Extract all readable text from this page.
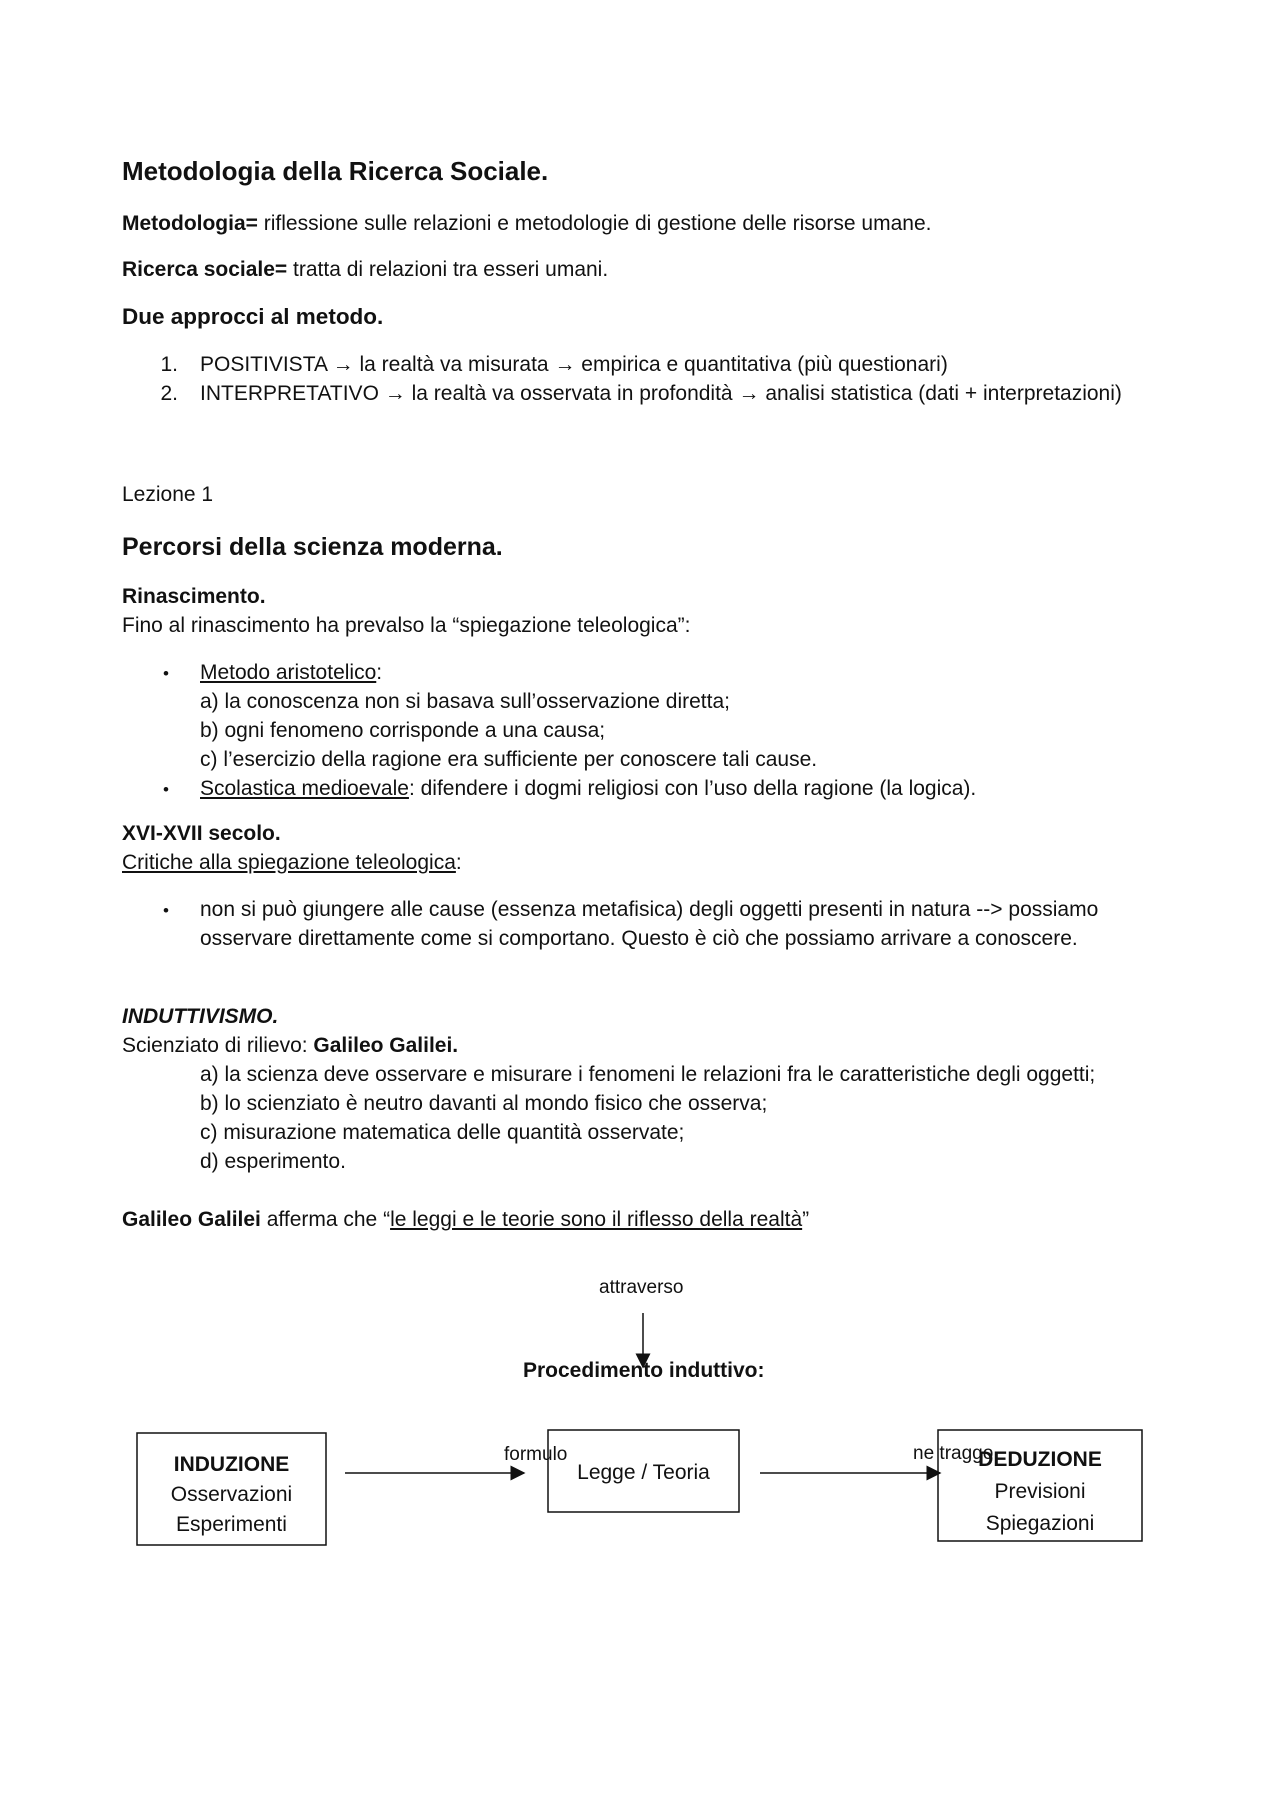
Metodologia della Ricerca Sociale.
Metodologia= riflessione sulle relazioni e metodologie di gestione delle risorse umane.
Ricerca sociale= tratta di relazioni tra esseri umani.
Due approcci al metodo.
1. POSITIVISTA → la realtà va misurata → empirica e quantitativa (più questionari)
2. INTERPRETATIVO → la realtà va osservata in profondità → analisi statistica (dati + interpretazioni)
Lezione 1
Percorsi della scienza moderna.
Rinascimento.
Fino al rinascimento ha prevalso la “spiegazione teleologica”:
• Metodo aristotelico:
a) la conoscenza non si basava sull’osservazione diretta;
b) ogni fenomeno corrisponde a una causa;
c) l’esercizio della ragione era sufficiente per conoscere tali cause.
• Scolastica medioevale: difendere i dogmi religiosi con l’uso della ragione (la logica).
XVI-XVII secolo.
Critiche alla spiegazione teleologica:
• non si può giungere alle cause (essenza metafisica) degli oggetti presenti in natura --> possiamo
osservare direttamente come si comportano. Questo è ciò che possiamo arrivare a conoscere.
INDUTTIVISMO.
Scienziato di rilievo: Galileo Galilei.
a) la scienza deve osservare e misurare i fenomeni le relazioni fra le caratteristiche degli oggetti;
b) lo scienziato è neutro davanti al mondo fisico che osserva;
c) misurazione matematica delle quantità osservate;
d) esperimento.
Galileo Galilei afferma che “le leggi e le teorie sono il riflesso della realtà”
attraverso
Procedimento induttivo:
INDUZIONE
Osservazioni
Esperimenti
formulo
Legge / Teoria
ne traggo
DEDUZIONE
Previsioni
Spiegazioni
